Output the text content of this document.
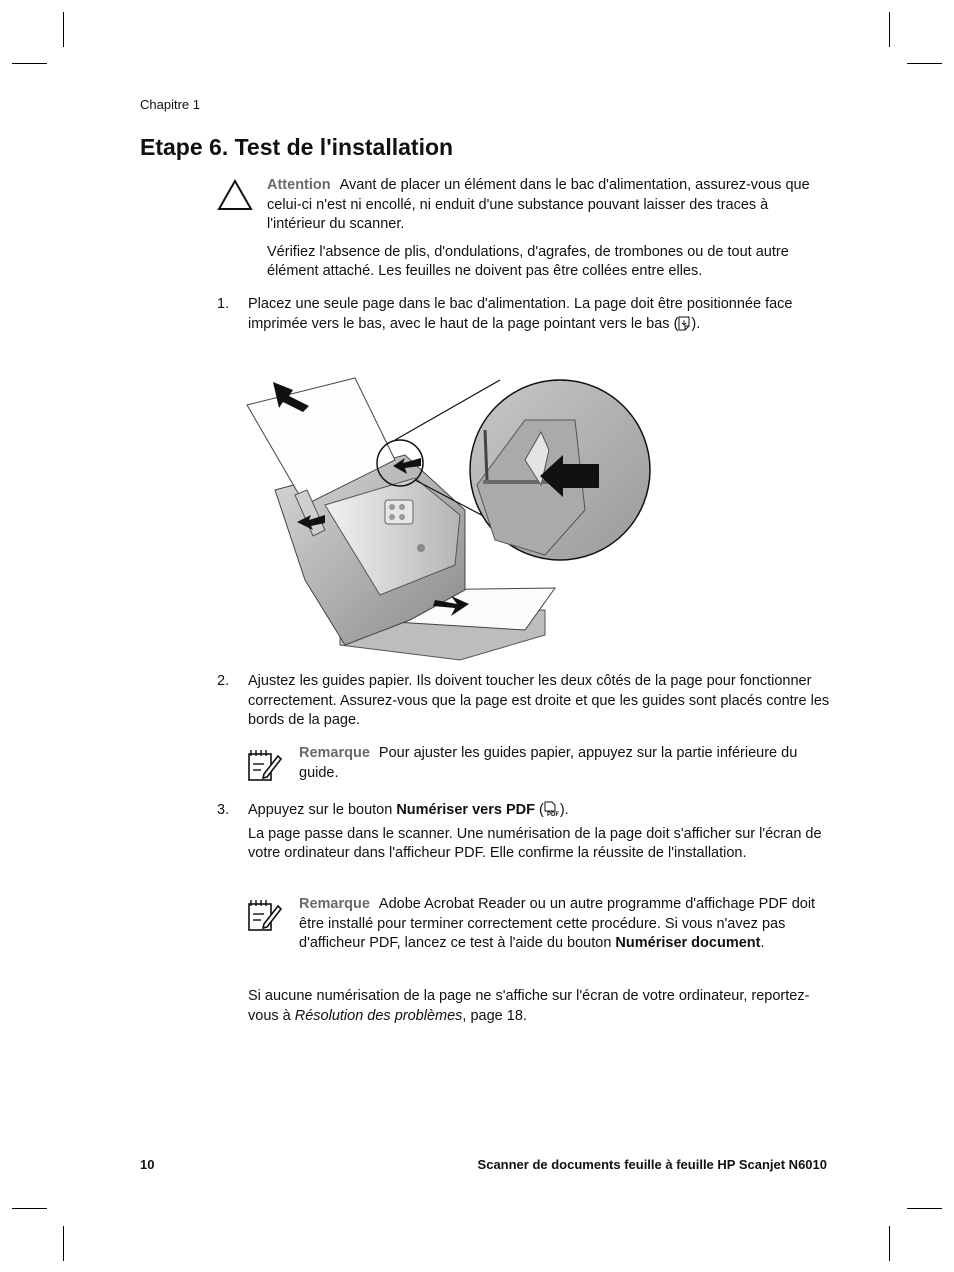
Chapitre 1
Etape 6. Test de l'installation

Attention Avant de placer un élément dans le bac d'alimentation, assurez-vous que celui-ci n'est ni encollé, ni enduit d'une substance pouvant laisser des traces à l'intérieur du scanner.

Vérifiez l'absence de plis, d'ondulations, d'agrafes, de trombones ou de tout autre élément attaché. Les feuilles ne doivent pas être collées entre elles.

1. Placez une seule page dans le bac d'alimentation. La page doit être positionnée face imprimée vers le bas, avec le haut de la page pointant vers le bas ( ).
2. Ajustez les guides papier. Ils doivent toucher les deux côtés de la page pour fonctionner correctement. Assurez-vous que la page est droite et que les guides sont placés contre les bords de la page.
Remarque Pour ajuster les guides papier, appuyez sur la partie inférieure du guide.
3. Appuyez sur le bouton Numériser vers PDF ( PDF ).

La page passe dans le scanner. Une numérisation de la page doit s'afficher sur l'écran de votre ordinateur dans l'afficheur PDF. Elle confirme la réussite de l'installation.

Remarque Adobe Acrobat Reader ou un autre programme d'affichage PDF doit être installé pour terminer correctement cette procédure. Si vous n'avez pas d'afficheur PDF, lancez ce test à l'aide du bouton Numériser document.
Si aucune numérisation de la page ne s'affiche sur l'écran de votre ordinateur, reportez-vous à Résolution des problèmes, page 18.
10	Scanner de documents feuille à feuille HP Scanjet N6010
